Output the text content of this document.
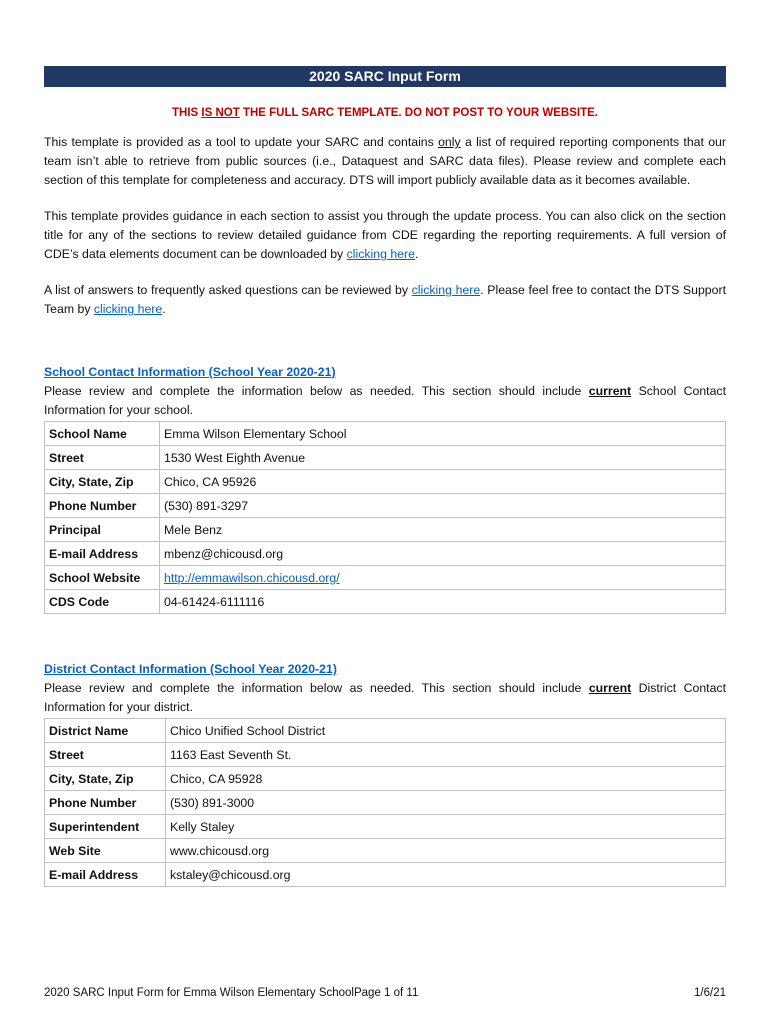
2020 SARC Input Form
THIS IS NOT THE FULL SARC TEMPLATE. DO NOT POST TO YOUR WEBSITE.

This template is provided as a tool to update your SARC and contains only a list of required reporting components that our team isn’t able to retrieve from public sources (i.e., Dataquest and SARC data files). Please review and complete each section of this template for completeness and accuracy. DTS will import publicly available data as it becomes available.

This template provides guidance in each section to assist you through the update process. You can also click on the section title for any of the sections to review detailed guidance from CDE regarding the reporting requirements. A full version of CDE’s data elements document can be downloaded by clicking here.

A list of answers to frequently asked questions can be reviewed by clicking here. Please feel free to contact the DTS Support Team by clicking here.

School Contact Information (School Year 2020-21)

Please review and complete the information below as needed. This section should include current School Contact Information for your school.

School Name	Emma Wilson Elementary School
Street	1530 West Eighth Avenue
City, State, Zip	Chico, CA 95926
Phone Number	(530) 891-3297
Principal	Mele Benz
E-mail Address	mbenz@chicousd.org
School Website	http://emmawilson.chicousd.org/
CDS Code	04-61424-6111116
District Contact Information (School Year 2020-21)

Please review and complete the information below as needed. This section should include current District Contact Information for your district.

District Name	Chico Unified School District
Street	1163 East Seventh St.
City, State, Zip	Chico, CA 95928
Phone Number	(530) 891-3000
Superintendent	Kelly Staley
Web Site	www.chicousd.org
E-mail Address	kstaley@chicousd.org
2020 SARC Input Form for Emma Wilson Elementary SchoolPage 1 of 11	1/6/21
